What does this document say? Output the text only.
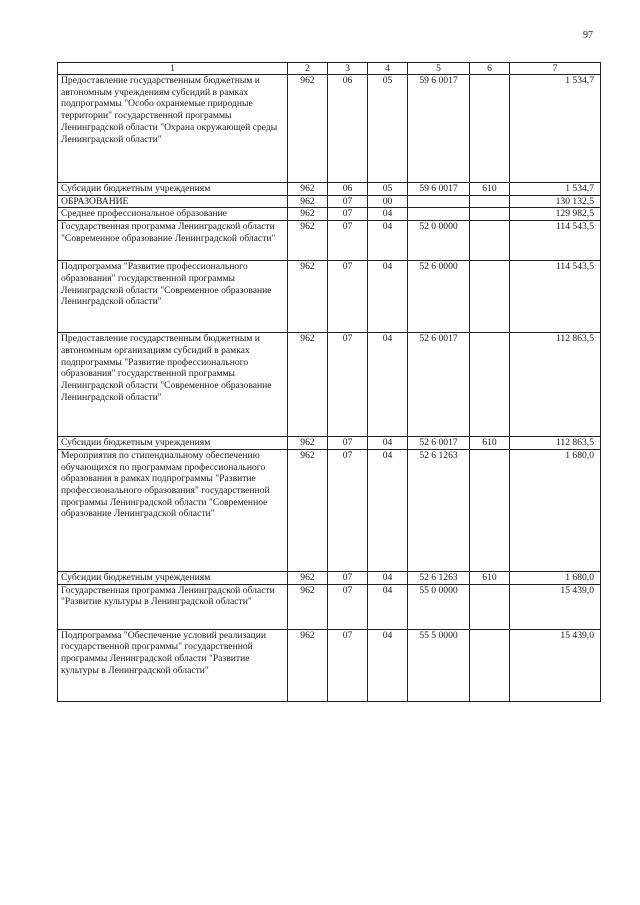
97
1	2	3	4	5	6	7
Предоставление государственным бюджетным и автономным учреждениям субсидий в рамках подпрограммы "Особо охраняемые природные территории" государственной программы Ленинградской области "Охрана окружающей среды Ленинградской области"	962	06	05	59 6 0017		1 534,7
Субсидии бюджетным учреждениям	962	06	05	59 6 0017	610	1 534,7
ОБРАЗОВАНИЕ	962	07	00			130 132,5
Среднее профессиональное образование	962	07	04			129 982,5
Государственная программа Ленинградской области "Современное образование Ленинградской области"	962	07	04	52 0 0000		114 543,5
Подпрограмма "Развитие профессионального образования" государственной программы Ленинградской области "Современное образование Ленинградской области"	962	07	04	52 6 0000		114 543,5
Предоставление государственным бюджетным и автономным организациям субсидий в рамках подпрограммы "Развитие профессионального образования" государственной программы Ленинградской области "Современное образование Ленинградской области"	962	07	04	52 6 0017		112 863,5
Субсидии бюджетным учреждениям	962	07	04	52 6 0017	610	112 863,5
Мероприятия по стипендиальному обеспечению обучающихся по программам профессионального образования в рамках подпрограммы "Развитие профессионального образования" государственной программы Ленинградской области "Современное образование Ленинградской области"	962	07	04	52 6 1263		1 680,0
Субсидии бюджетным учреждениям	962	07	04	52 6 1263	610	1 680,0
Государственная программа Ленинградской области "Развитие культуры в Ленинградской области"	962	07	04	55 0 0000		15 439,0
Подпрограмма "Обеспечение условий реализации государственной программы" государственной программы Ленинградской области "Развитие культуры в Ленинградской области"	962	07	04	55 5 0000		15 439,0
